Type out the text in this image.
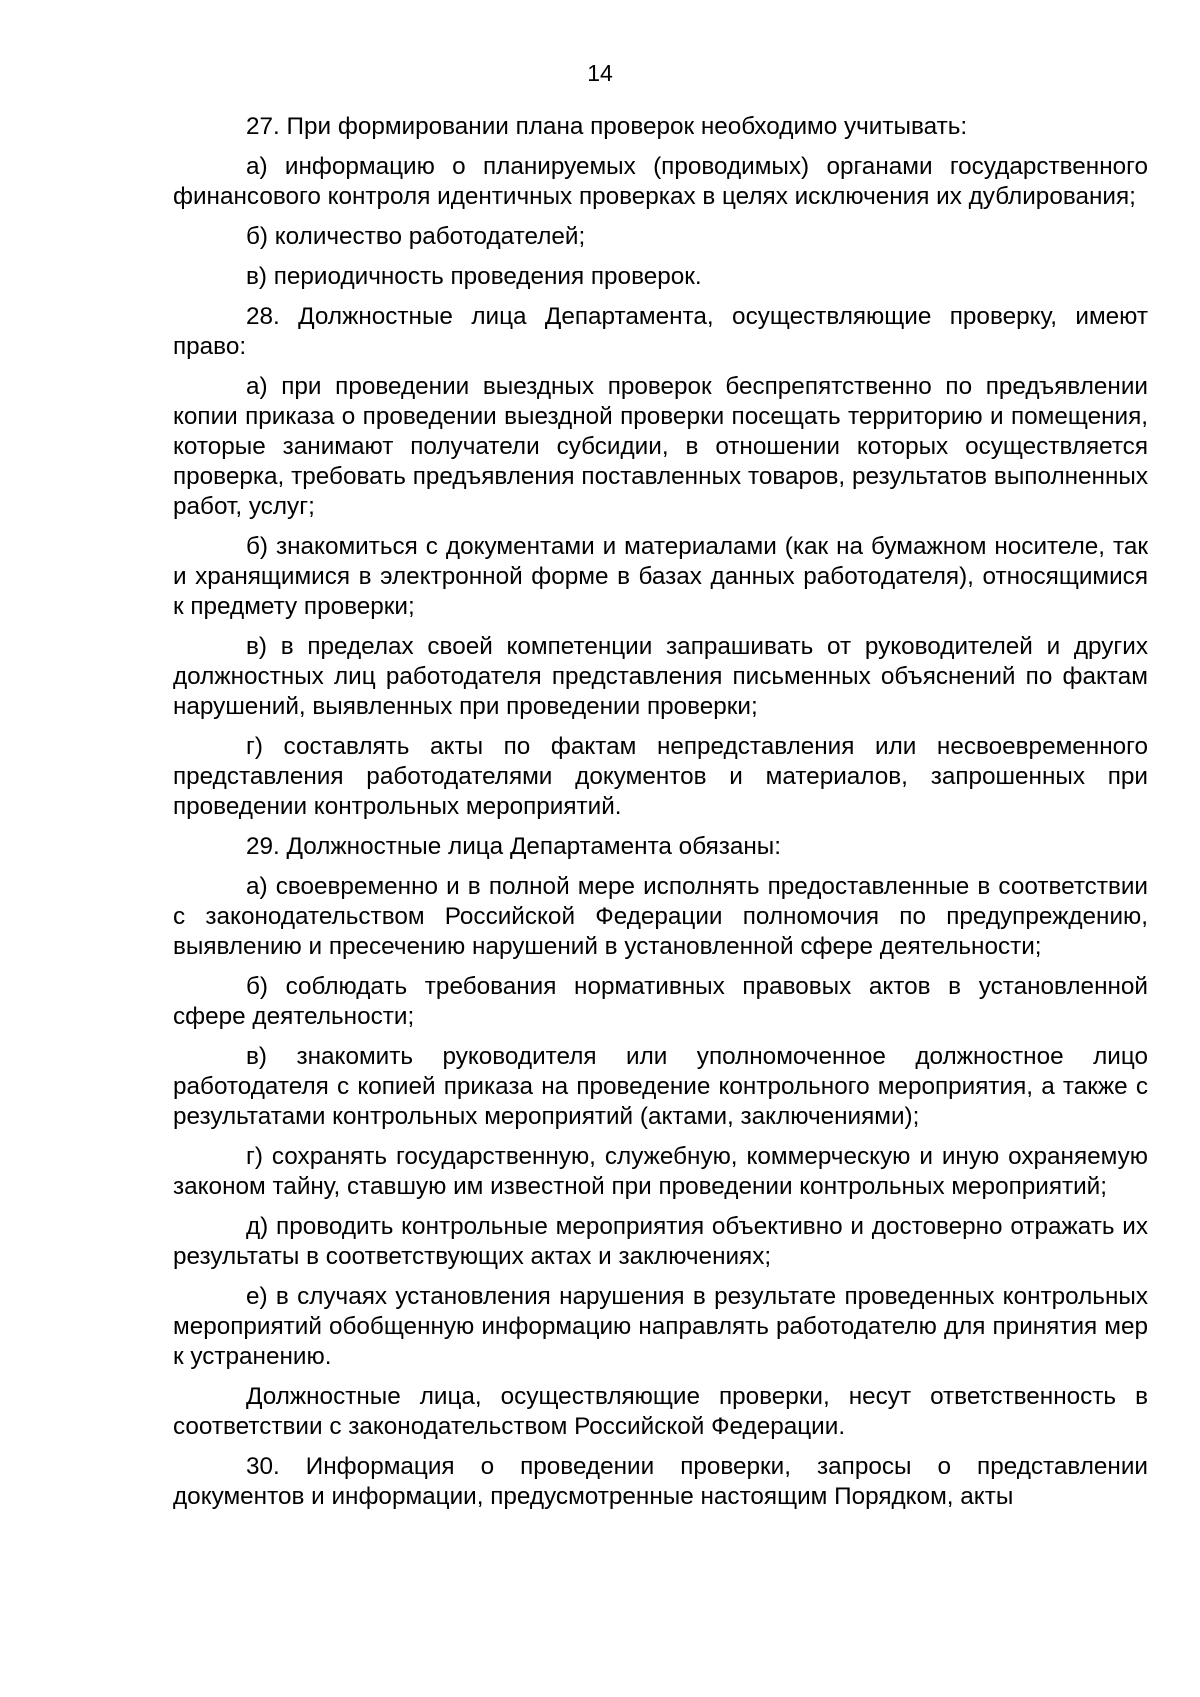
14

27. При формировании плана проверок необходимо учитывать:

а) информацию о планируемых (проводимых) органами государственного финансового контроля идентичных проверках в целях исключения их дублирования;

б) количество работодателей;

в) периодичность проведения проверок.

28. Должностные лица Департамента, осуществляющие проверку, имеют право:

а) при проведении выездных проверок беспрепятственно по предъявлении копии приказа о проведении выездной проверки посещать территорию и помещения, которые занимают получатели субсидии, в отношении которых осуществляется проверка, требовать предъявления поставленных товаров, результатов выполненных работ, услуг;

б) знакомиться с документами и материалами (как на бумажном носителе, так и хранящимися в электронной форме в базах данных работодателя), относящимися к предмету проверки;

в) в пределах своей компетенции запрашивать от руководителей и других должностных лиц работодателя представления письменных объяснений по фактам нарушений, выявленных при проведении проверки;

г) составлять акты по фактам непредставления или несвоевременного представления работодателями документов и материалов, запрошенных при проведении контрольных мероприятий.

29. Должностные лица Департамента обязаны:

а) своевременно и в полной мере исполнять предоставленные в соответствии с законодательством Российской Федерации полномочия по предупреждению, выявлению и пресечению нарушений в установленной сфере деятельности;

б) соблюдать требования нормативных правовых актов в установленной сфере деятельности;

в) знакомить руководителя или уполномоченное должностное лицо работодателя с копией приказа на проведение контрольного мероприятия, а также с результатами контрольных мероприятий (актами, заключениями);

г) сохранять государственную, служебную, коммерческую и иную охраняемую законом тайну, ставшую им известной при проведении контрольных мероприятий;

д) проводить контрольные мероприятия объективно и достоверно отражать их результаты в соответствующих актах и заключениях;

е) в случаях установления нарушения в результате проведенных контрольных мероприятий обобщенную информацию направлять работодателю для принятия мер к устранению.

Должностные лица, осуществляющие проверки, несут ответственность в соответствии с законодательством Российской Федерации.

30. Информация о проведении проверки, запросы о представлении документов и информации, предусмотренные настоящим Порядком, акты
